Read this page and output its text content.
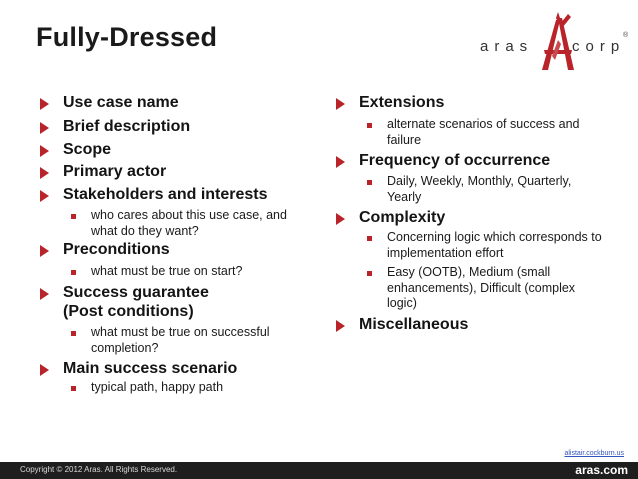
Fully-Dressed	aras	corp
®
Use case name
Brief description
Scope
Primary actor
Stakeholders and interests
who cares about this use case, and what do they want?
Preconditions
what must be true on start?
Success guarantee (Post conditions)
what must be true on successful completion?
Main success scenario
typical path, happy path
Extensions
alternate scenarios of success and failure
Frequency of occurrence
Daily, Weekly, Monthly, Quarterly, Yearly
Complexity
Concerning logic which corresponds to implementation effort
Easy (OOTB), Medium (small enhancements), Difficult (complex logic)
Miscellaneous
alistair.cockburn.us
Copyright © 2012 Aras. All Rights Reserved.	aras.com
